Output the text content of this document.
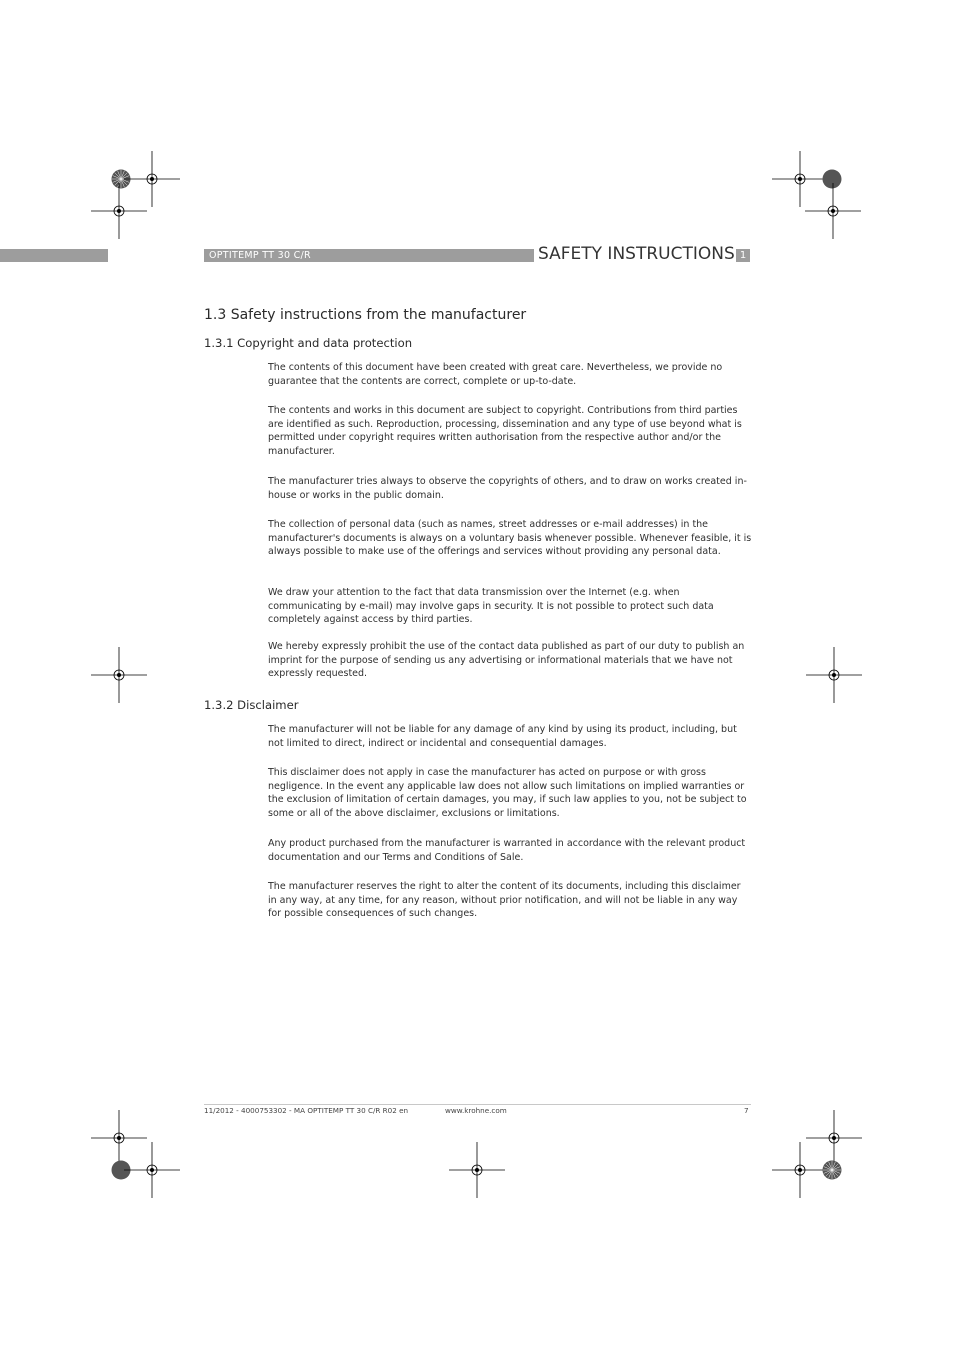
OPTITEMP TT 30 C/R	SAFETY INSTRUCTIONS 1
1.3 Safety instructions from the manufacturer
1.3.1 Copyright and data protection

The contents of this document have been created with great care. Nevertheless, we provide no guarantee that the contents are correct, complete or up-to-date.

The contents and works in this document are subject to copyright. Contributions from third parties are identified as such. Reproduction, processing, dissemination and any type of use beyond what is permitted under copyright requires written authorisation from the respective author and/or the manufacturer.

The manufacturer tries always to observe the copyrights of others, and to draw on works created in-house or works in the public domain.

The collection of personal data (such as names, street addresses or e-mail addresses) in the manufacturer's documents is always on a voluntary basis whenever possible. Whenever feasible, it is always possible to make use of the offerings and services without providing any personal data.

We draw your attention to the fact that data transmission over the Internet (e.g. when communicating by e-mail) may involve gaps in security. It is not possible to protect such data completely against access by third parties.

We hereby expressly prohibit the use of the contact data published as part of our duty to publish an imprint for the purpose of sending us any advertising or informational materials that we have not expressly requested.

1.3.2 Disclaimer

The manufacturer will not be liable for any damage of any kind by using its product, including, but not limited to direct, indirect or incidental and consequential damages.

This disclaimer does not apply in case the manufacturer has acted on purpose or with gross negligence. In the event any applicable law does not allow such limitations on implied warranties or the exclusion of limitation of certain damages, you may, if such law applies to you, not be subject to some or all of the above disclaimer, exclusions or limitations.

Any product purchased from the manufacturer is warranted in accordance with the relevant product documentation and our Terms and Conditions of Sale.

The manufacturer reserves the right to alter the content of its documents, including this disclaimer in any way, at any time, for any reason, without prior notification, and will not be liable in any way for possible consequences of such changes.

11/2012 - 4000753302 - MA OPTITEMP TT 30 C/R R02 en	www.krohne.com	7
